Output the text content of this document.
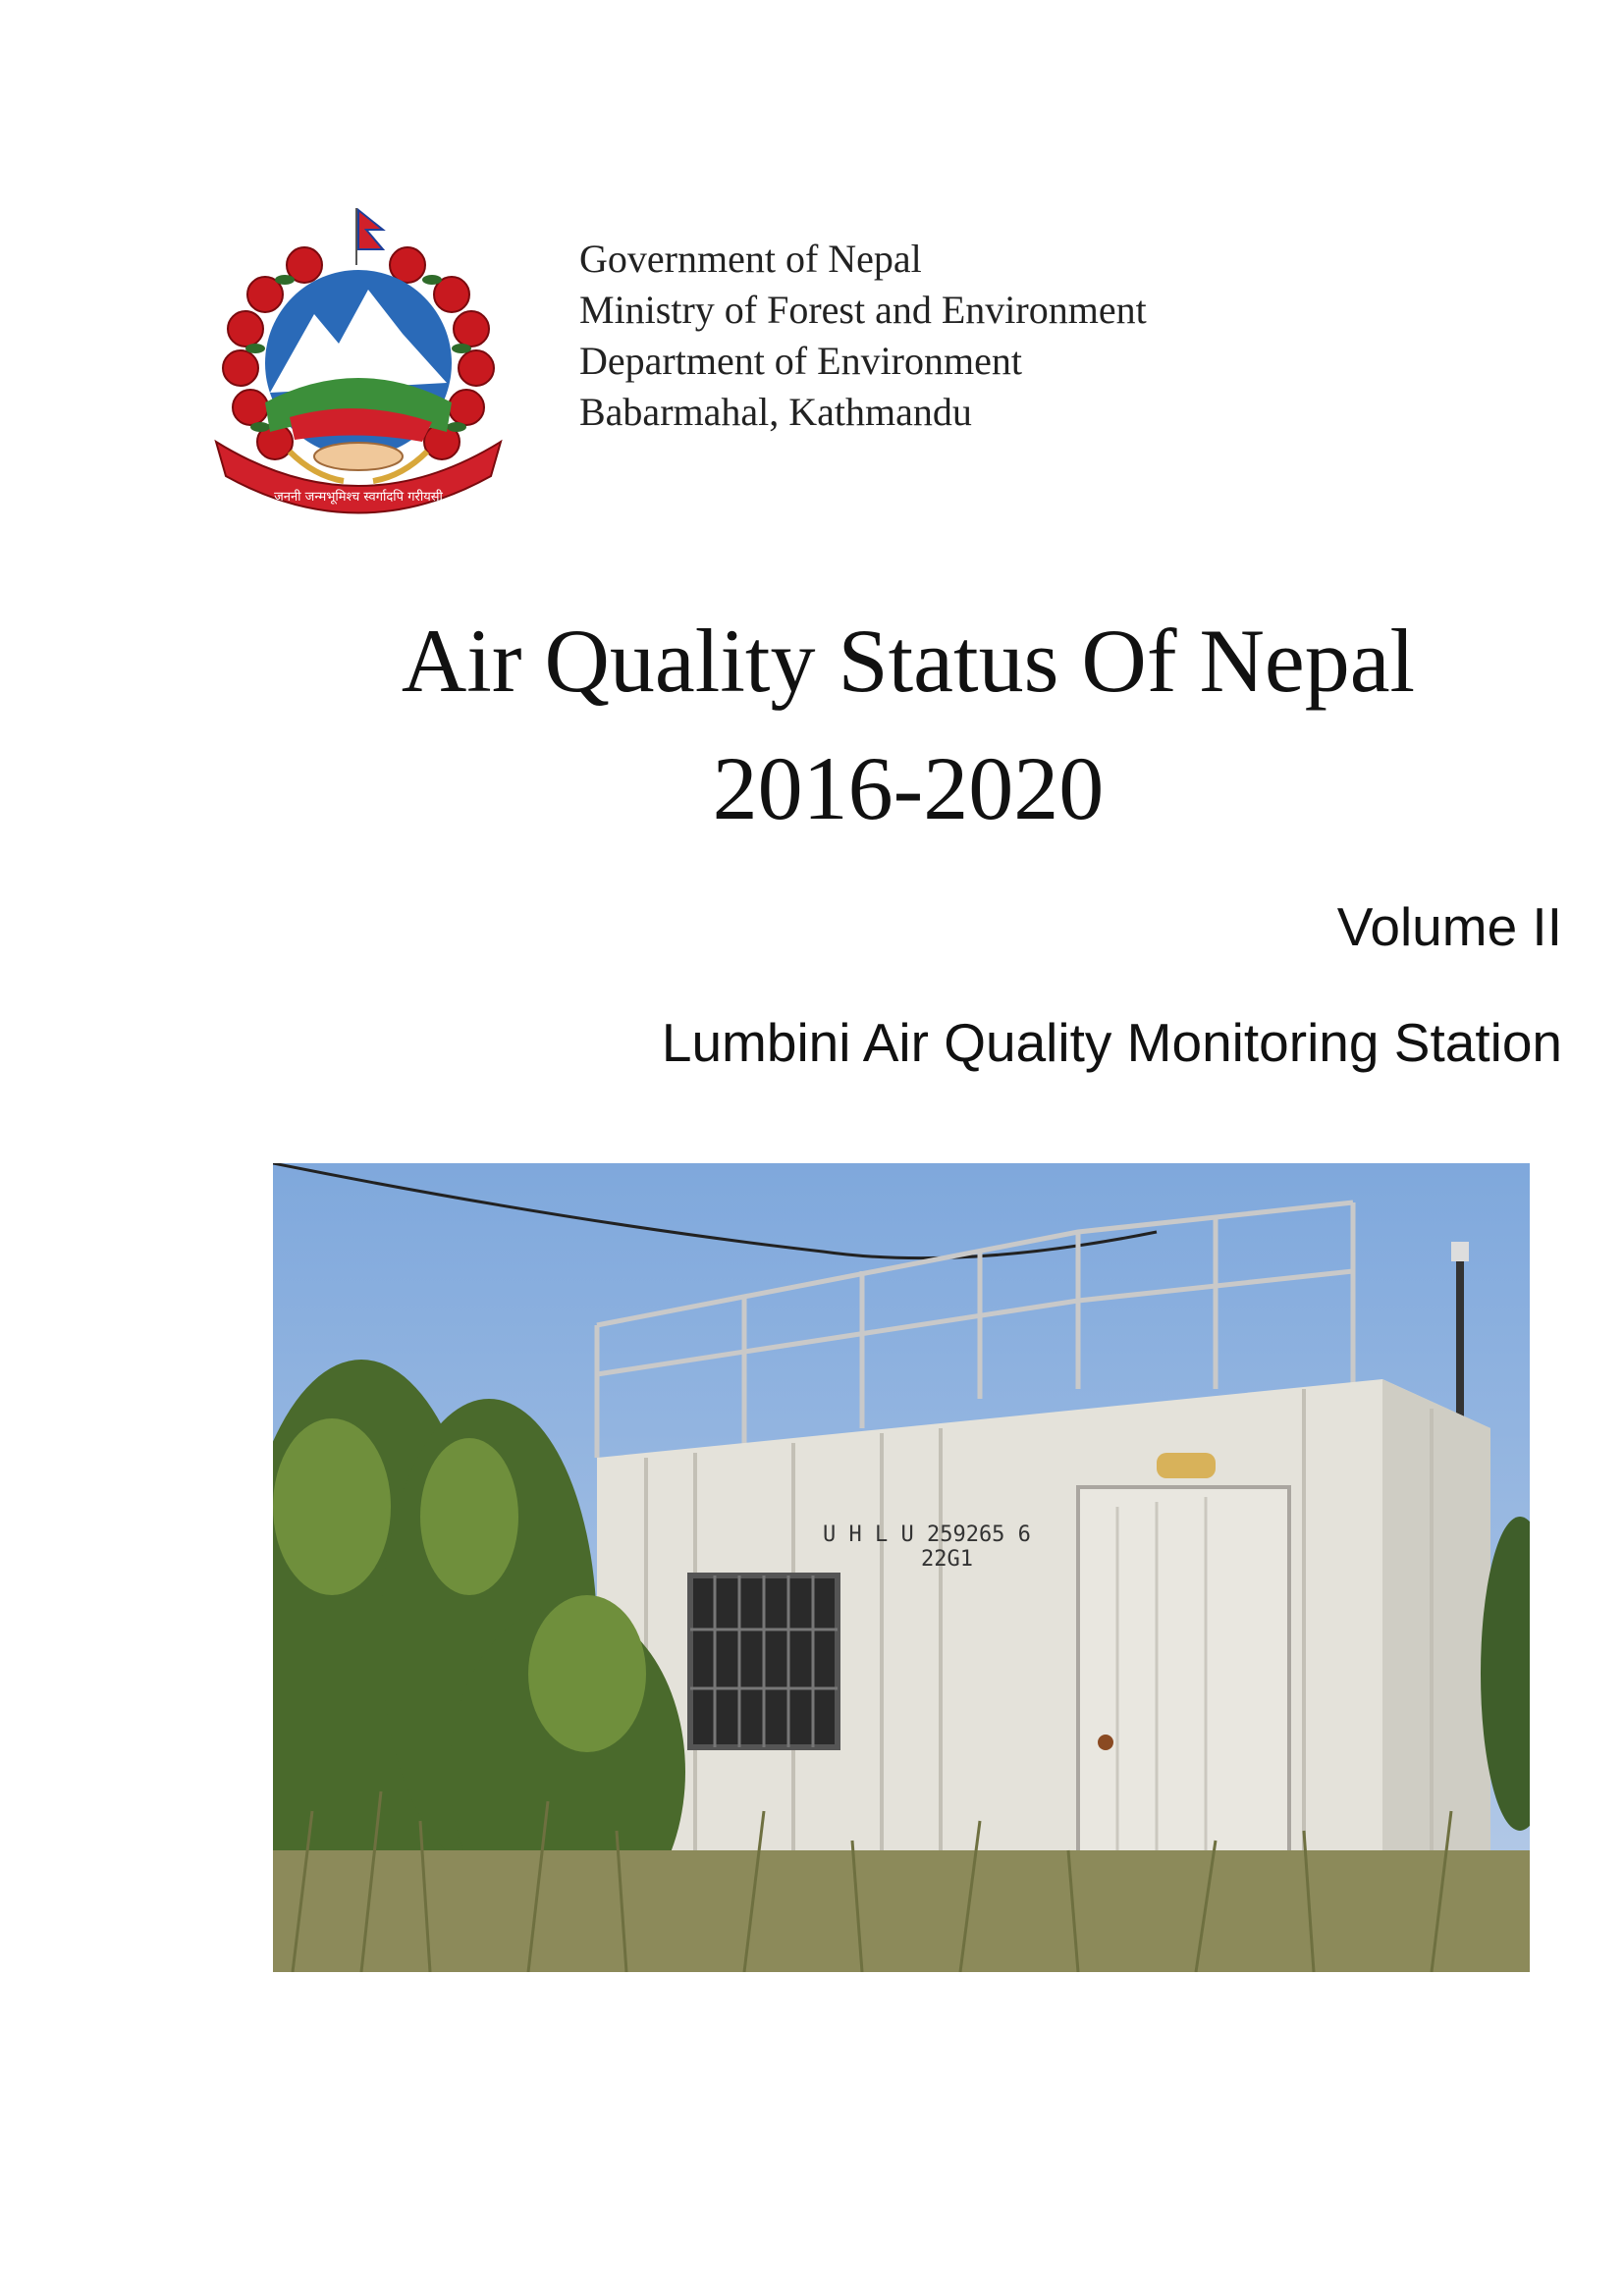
जननी जन्मभूमिश्च स्वर्गादपि गरीयसी
Government of Nepal
Ministry of Forest and Environment
Department of Environment
Babarmahal, Kathmandu
Air Quality Status Of Nepal
2016-2020
Volume II
Lumbini Air Quality Monitoring Station
U H L U 259265 6
22G1
